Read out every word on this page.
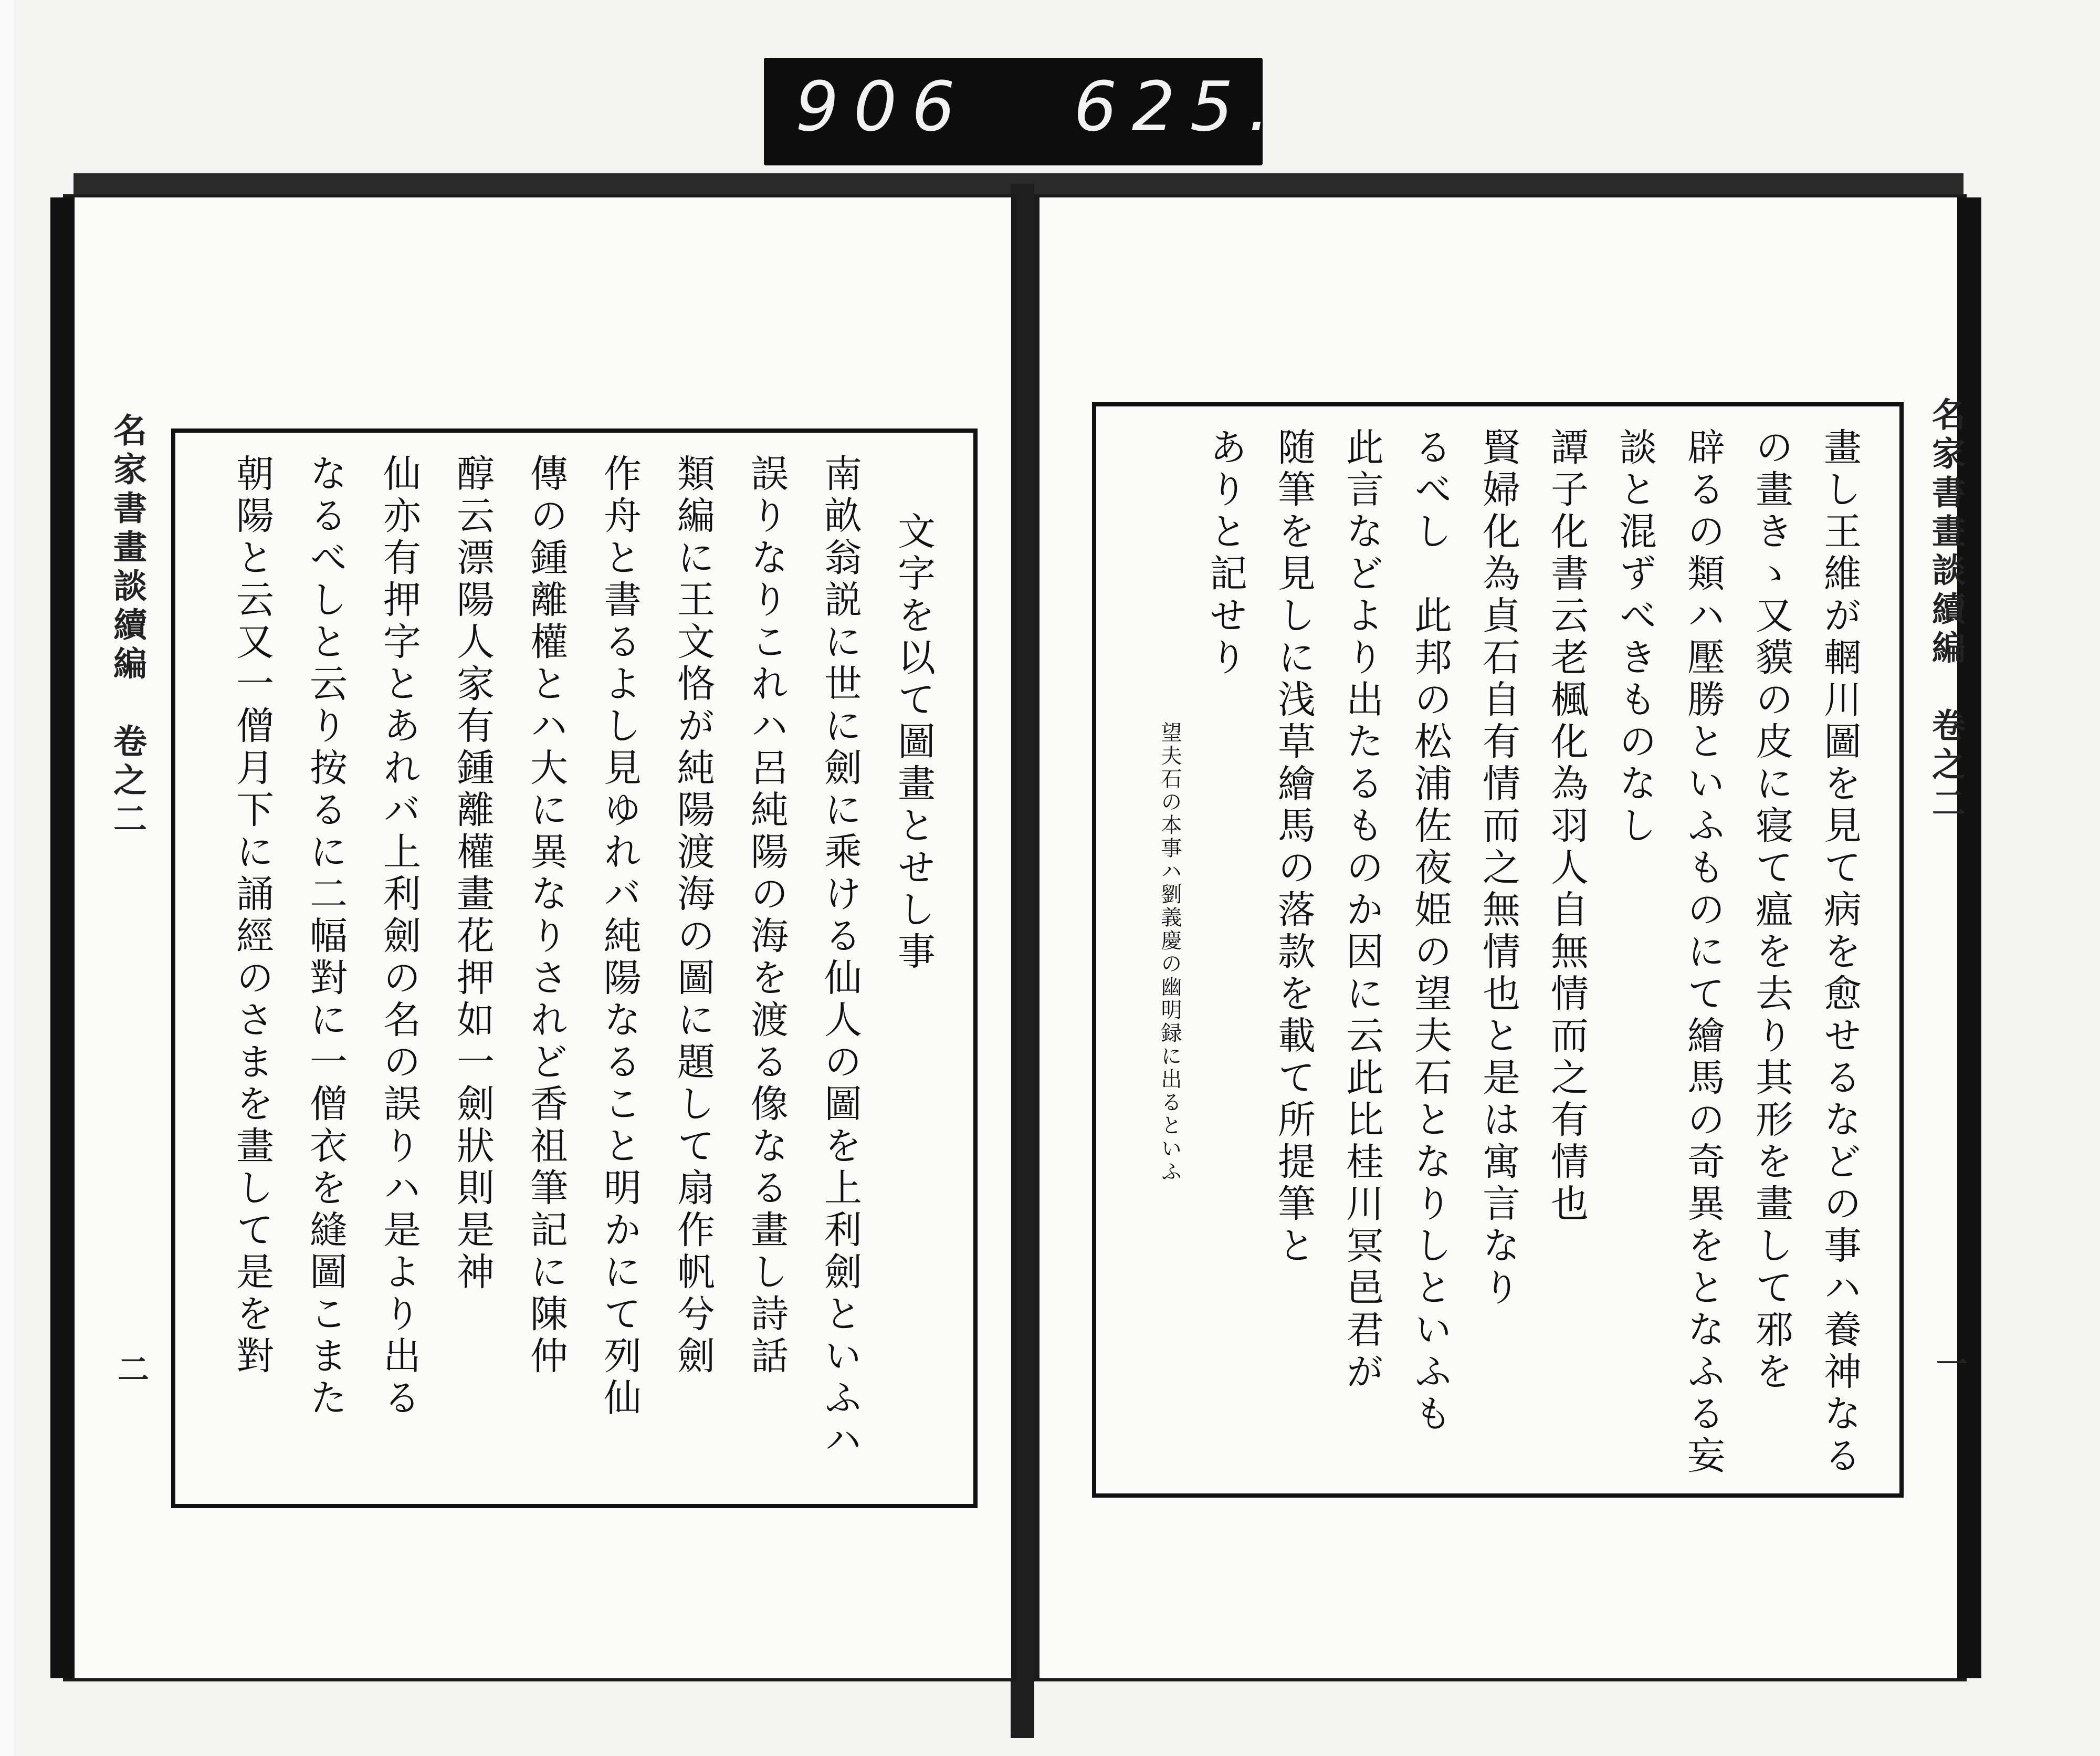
906 625.
名家書畫談續編　卷之二
二
文字を以て圖畫とせし事
南畝翁説に世に劍に乘ける仙人の圖を上利劍といふハ
誤りなりこれハ呂純陽の海を渡る像なる畫し詩話
類編に王文恪が純陽渡海の圖に題して扇作帆兮劍
作舟と書るよし見ゆれバ純陽なること明かにて列仙
傳の鍾離權とハ大に異なりされど香祖筆記に陳仲
醇云漂陽人家有鍾離權畫花押如一劍狀則是神
仙亦有押字とあれバ上利劍の名の誤りハ是より出る
なるべしと云り按るに二幅對に一僧衣を縫圖こまた
朝陽と云又一僧月下に誦經のさまを畫して是を對	名家書畫談續編　卷之二
一
畫し王維が輞川圖を見て病を愈せるなどの事ハ養神なる
の畫きゝ又貘の皮に寝て瘟を去り其形を畫して邪を
辟るの類ハ壓勝といふものにて繪馬の奇異をとなふる妄
談と混ずべきものなし
譚子化書云老楓化為羽人自無情而之有情也
賢婦化為貞石自有情而之無情也と是は寓言なり
るべし　此邦の松浦佐夜姫の望夫石となりしといふも
此言などより出たるものか因に云此比桂川冥邑君が
随筆を見しに浅草繪馬の落款を載て所提筆と
ありと記せり
望夫石の本事ハ劉義慶の幽明録に出るといふ
